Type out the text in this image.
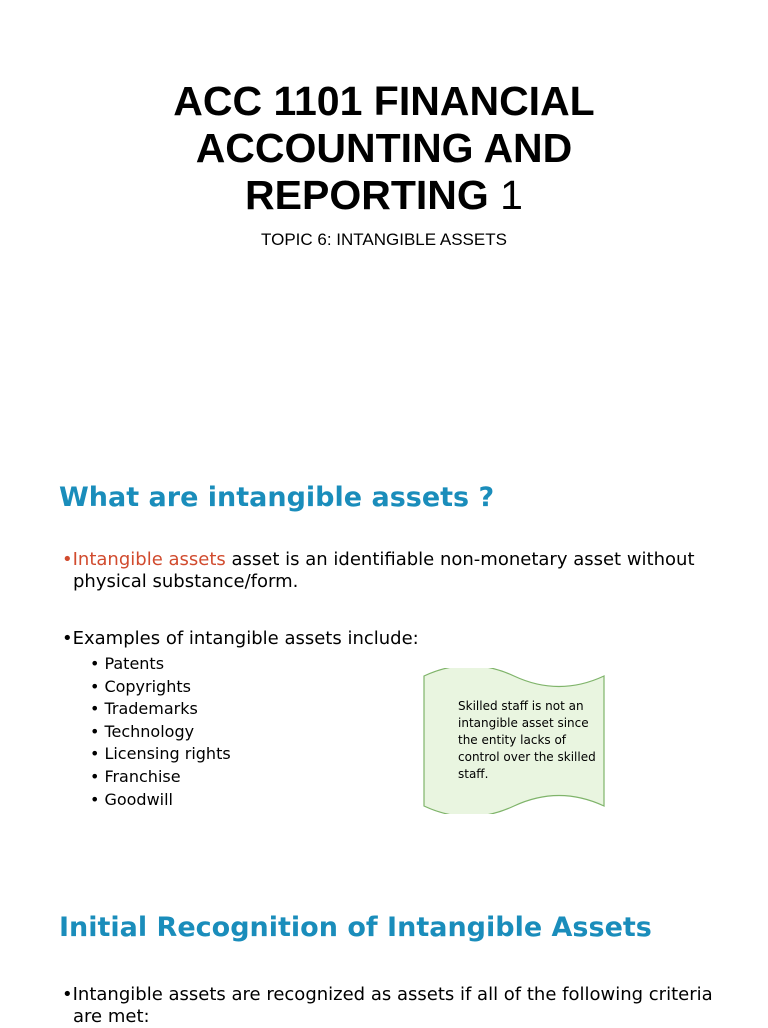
ACC 1101 FINANCIAL
ACCOUNTING AND
REPORTING 1

TOPIC 6: INTANGIBLE ASSETS

What are intangible assets ?
•Intangible assets asset is an identifiable non-monetary asset without
physical substance/form.
•Examples of intangible assets include:
• Patents
• Copyrights
• Trademarks
• Technology
• Licensing rights
• Franchise
• Goodwill
Skilled staff is not an intangible asset since the entity lacks of control over the skilled staff.
Initial Recognition of Intangible Assets
•Intangible assets are recognized as assets if all of the following criteria
are met:
